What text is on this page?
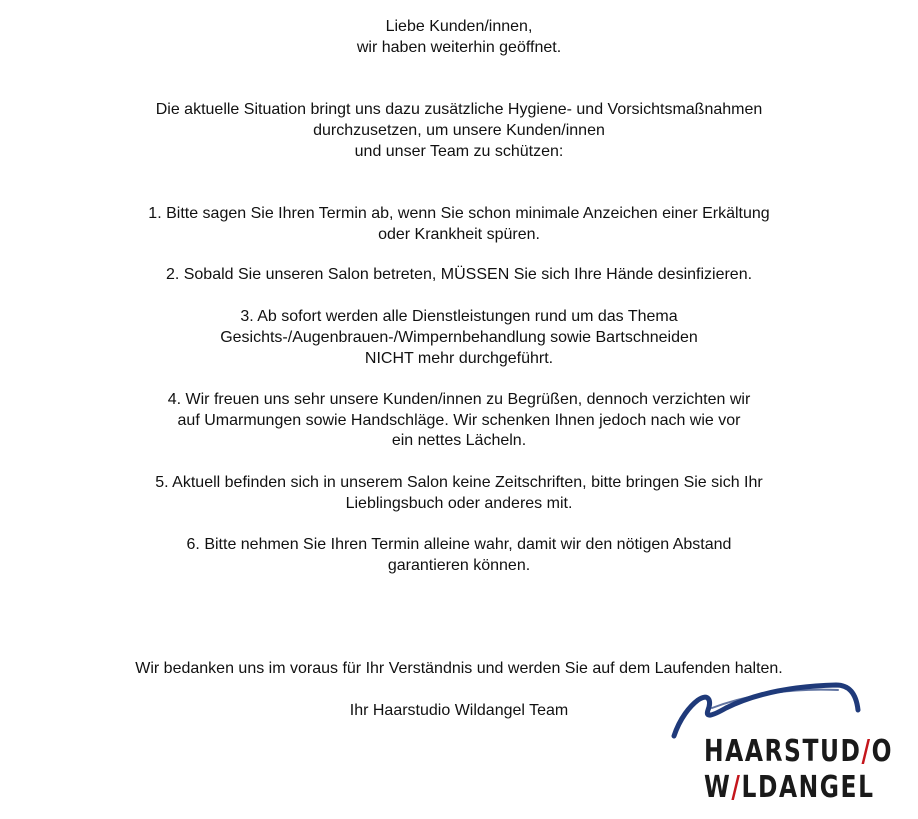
Liebe Kunden/innen,
wir haben weiterhin geöffnet.
Die aktuelle Situation bringt uns dazu zusätzliche Hygiene- und Vorsichtsmaßnahmen
durchzusetzen, um unsere Kunden/innen
und unser Team zu schützen:
1. Bitte sagen Sie Ihren Termin ab, wenn Sie schon minimale Anzeichen einer Erkältung
oder Krankheit spüren.
2. Sobald Sie unseren Salon betreten, MÜSSEN Sie sich Ihre Hände desinfizieren.
3. Ab sofort werden alle Dienstleistungen rund um das Thema
Gesichts-/Augenbrauen-/Wimpernbehandlung sowie Bartschneiden
NICHT mehr durchgeführt.
4. Wir freuen uns sehr unsere Kunden/innen zu Begrüßen, dennoch verzichten wir
auf Umarmungen sowie Handschläge. Wir schenken Ihnen jedoch nach wie vor
ein nettes Lächeln.
5. Aktuell befinden sich in unserem Salon keine Zeitschriften, bitte bringen Sie sich Ihr
Lieblingsbuch oder anderes mit.
6. Bitte nehmen Sie Ihren Termin alleine wahr, damit wir den nötigen Abstand
garantieren können.
Wir bedanken uns im voraus für Ihr Verständnis und werden Sie auf dem Laufenden halten.
Ihr Haarstudio Wildangel Team
HAARSTUD/O
W/LDANGEL
